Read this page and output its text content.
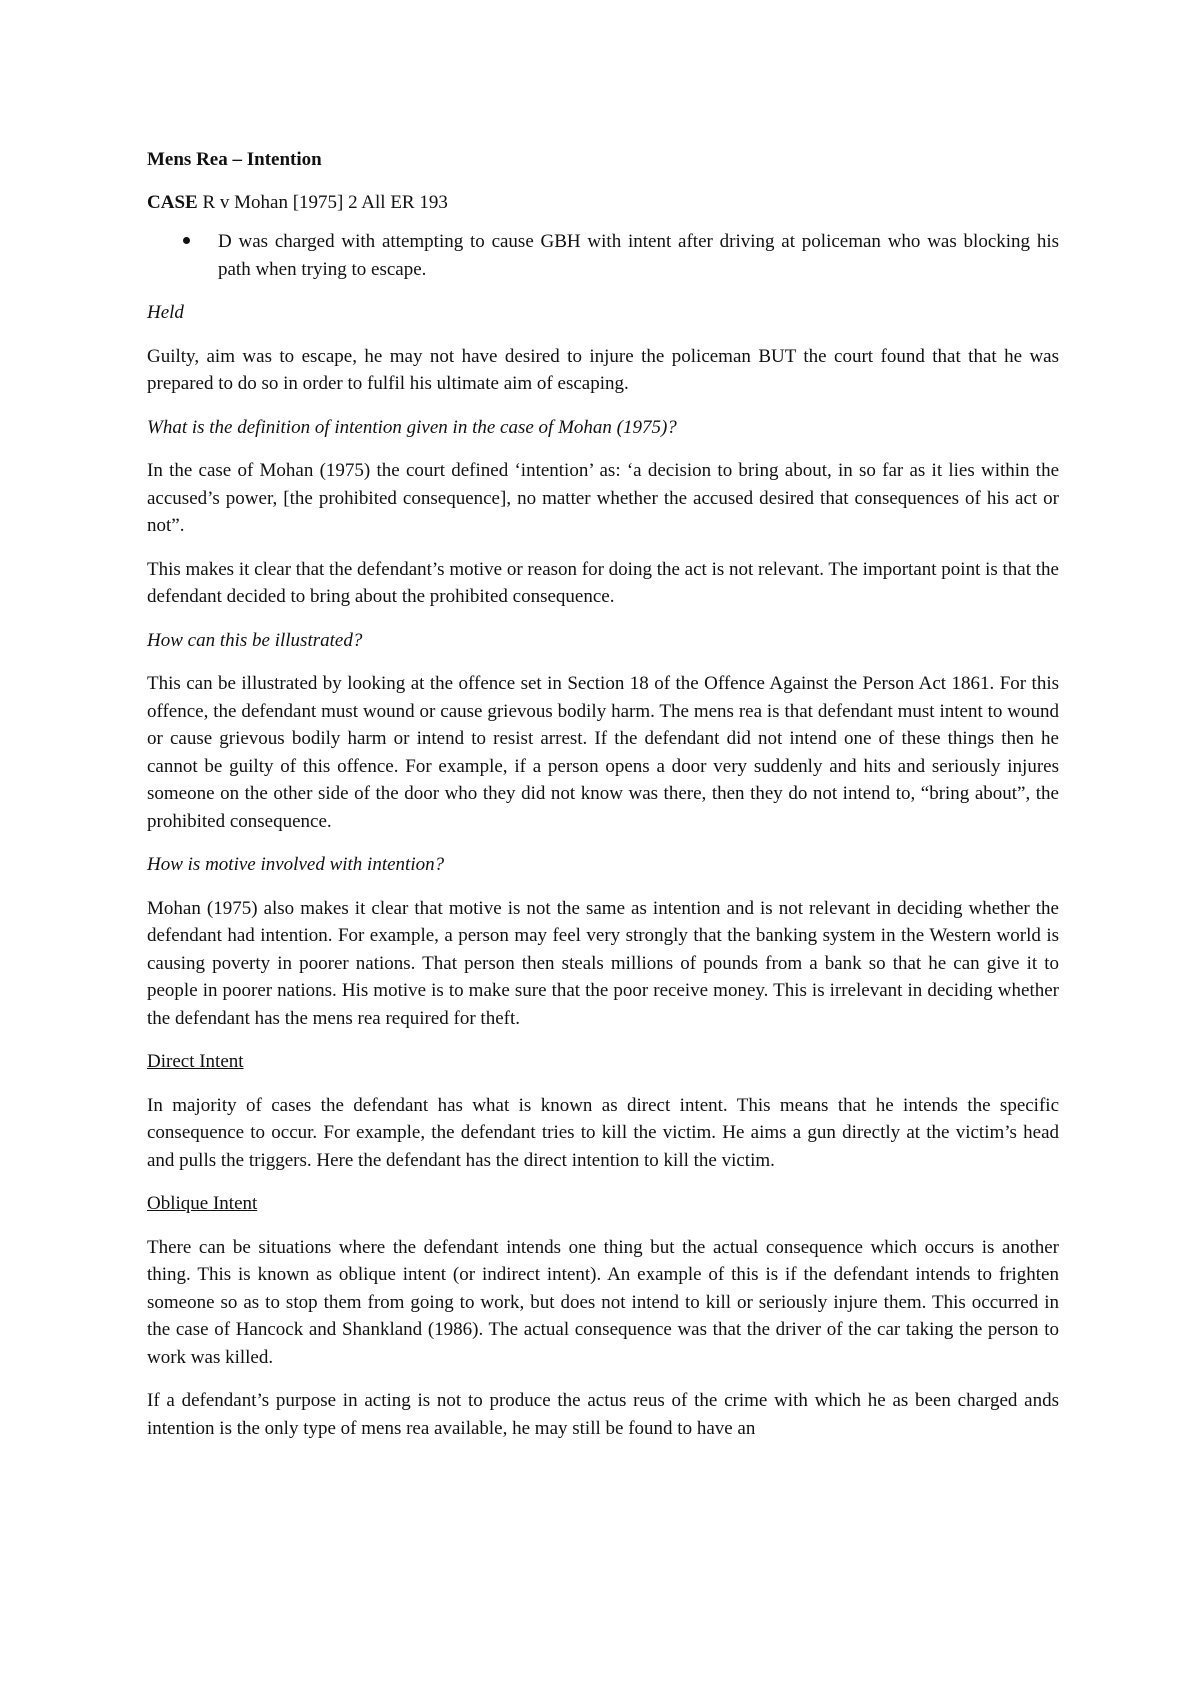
Mens Rea – Intention

CASE R v Mohan [1975] 2 All ER 193

D was charged with attempting to cause GBH with intent after driving at policeman who was blocking his path when trying to escape.

Held

Guilty, aim was to escape, he may not have desired to injure the policeman BUT the court found that that he was prepared to do so in order to fulfil his ultimate aim of escaping.

What is the definition of intention given in the case of Mohan (1975)?

In the case of Mohan (1975) the court defined ‘intention’ as: ‘a decision to bring about, in so far as it lies within the accused’s power, [the prohibited consequence], no matter whether the accused desired that consequences of his act or not”.

This makes it clear that the defendant’s motive or reason for doing the act is not relevant. The important point is that the defendant decided to bring about the prohibited consequence.

How can this be illustrated?

This can be illustrated by looking at the offence set in Section 18 of the Offence Against the Person Act 1861. For this offence, the defendant must wound or cause grievous bodily harm. The mens rea is that defendant must intent to wound or cause grievous bodily harm or intend to resist arrest. If the defendant did not intend one of these things then he cannot be guilty of this offence. For example, if a person opens a door very suddenly and hits and seriously injures someone on the other side of the door who they did not know was there, then they do not intend to, “bring about”, the prohibited consequence.

How is motive involved with intention?

Mohan (1975) also makes it clear that motive is not the same as intention and is not relevant in deciding whether the defendant had intention. For example, a person may feel very strongly that the banking system in the Western world is causing poverty in poorer nations. That person then steals millions of pounds from a bank so that he can give it to people in poorer nations. His motive is to make sure that the poor receive money. This is irrelevant in deciding whether the defendant has the mens rea required for theft.

Direct Intent

In majority of cases the defendant has what is known as direct intent. This means that he intends the specific consequence to occur. For example, the defendant tries to kill the victim. He aims a gun directly at the victim’s head and pulls the triggers. Here the defendant has the direct intention to kill the victim.

Oblique Intent

There can be situations where the defendant intends one thing but the actual consequence which occurs is another thing. This is known as oblique intent (or indirect intent). An example of this is if the defendant intends to frighten someone so as to stop them from going to work, but does not intend to kill or seriously injure them. This occurred in the case of Hancock and Shankland (1986). The actual consequence was that the driver of the car taking the person to work was killed.

If a defendant’s purpose in acting is not to produce the actus reus of the crime with which he as been charged ands intention is the only type of mens rea available, he may still be found to have an
